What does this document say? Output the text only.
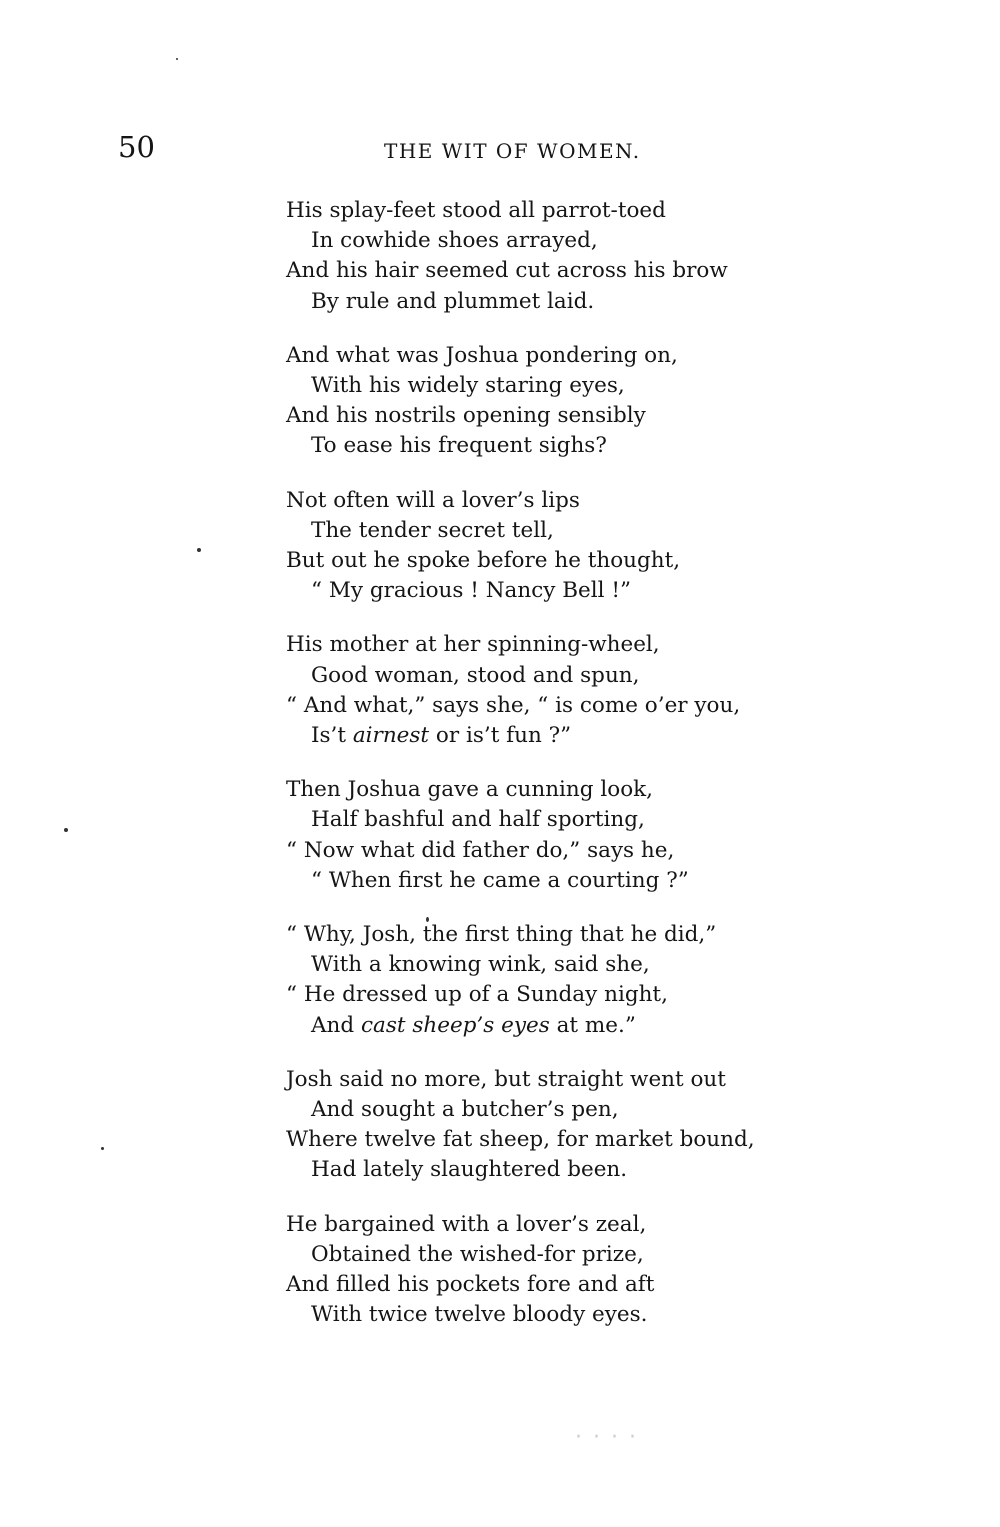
50	THE WIT OF WOMEN.
His splay-feet stood all parrot-toed
In cowhide shoes arrayed,
And his hair seemed cut across his brow
By rule and plummet laid.
And what was Joshua pondering on,
With his widely staring eyes,
And his nostrils opening sensibly
To ease his frequent sighs?
Not often will a lover’s lips
The tender secret tell,
But out he spoke before he thought,
“ My gracious ! Nancy Bell !”
His mother at her spinning-wheel,
Good woman, stood and spun,
“ And what,” says she, “ is come o’er you,
Is’t airnest or is’t fun ?”
Then Joshua gave a cunning look,
Half bashful and half sporting,
“ Now what did father do,” says he,
“ When first he came a courting ?”
“ Why, Josh, the first thing that he did,”
With a knowing wink, said she,
“ He dressed up of a Sunday night,
And cast sheep’s eyes at me.”
Josh said no more, but straight went out
And sought a butcher’s pen,
Where twelve fat sheep, for market bound,
Had lately slaughtered been.
He bargained with a lover’s zeal,
Obtained the wished-for prize,
And filled his pockets fore and aft
With twice twelve bloody eyes.
· · · ·
